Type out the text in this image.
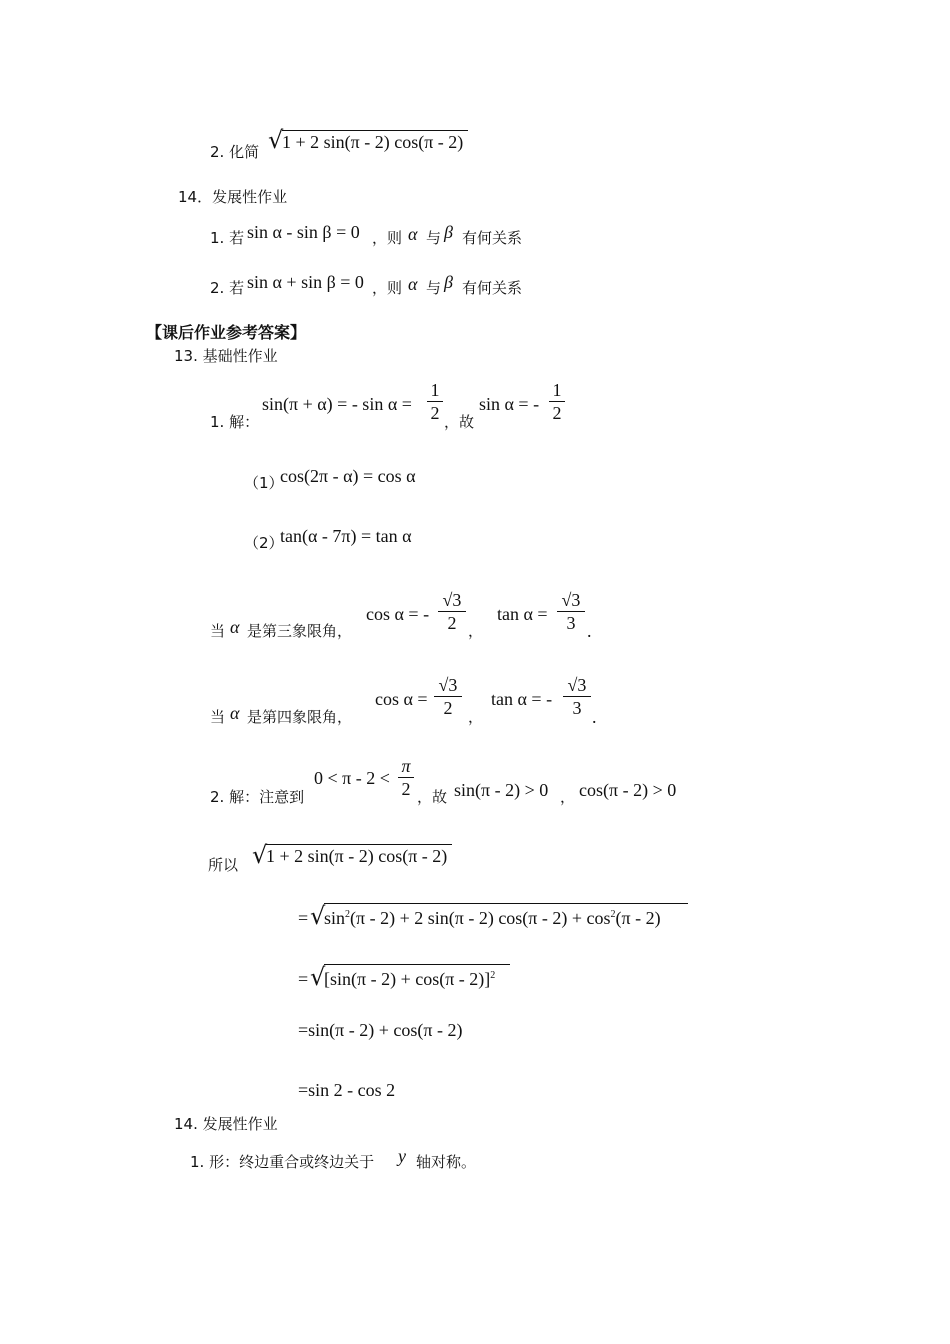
2. 化简 √
1 + 2 sin(π - 2) cos(π - 2)
14．发展性作业
1. 若 sin α - sin β = 0 ，则 α 与 β 有何关系
2. 若 sin α + sin β = 0 ，则 α 与 β 有何关系
【课后作业参考答案】
13. 基础性作业
1. 解：
sin(π + α) = - sin α =
1
2 ，故
sin α = -
1
2
（1）
cos(2π - α) = cos α
（2）
tan(α - 7π) = tan α
当 α 是第三象限角，
cos α = -
√3
2 ，
tan α =
√3
3 .
当 α 是第四象限角，
cos α =
√3
2	，
tan α = -
√3
3 .
2. 解：注意到
0 < π - 2 <
π
2 ，故 sin(π - 2) > 0 ， cos(π - 2) > 0
所以 √
1 + 2 sin(π - 2) cos(π - 2)
= √
$\sin^2(\pi - 2) + 2$ sin(π - 2) $\cos(\pi - 2) + \cos^2(\pi - 2)$
= √
$[\sin(\pi - 2) + \cos(\pi - 2)]^2$
=sin(π - 2) + cos(π - 2)
=sin 2 - cos 2
14. 发展性作业
1. 形：终边重合或终边关于 y 轴对称。
